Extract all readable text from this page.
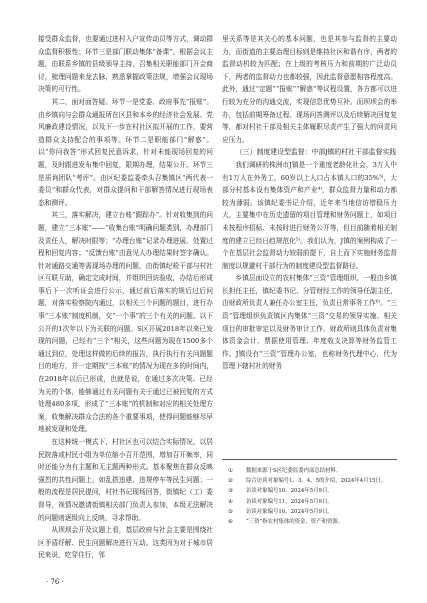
接受群众监督，也要通过进村入户宣传动员等方式，调动群众监督积极性；环节三是部门联动集体“备课”。根据会议主题，由联系乡镇的县级领导主持，召集相关职能部门开会商讨，梳理问题来龙去脉，熟悉掌握政策法规，增强会议现场决策的可行性。

其二，面对面答疑。环节一是党委、政府事先“报账”。由乡镇向与会群众通报所在区县和本乡的经济社会发展、党风廉政建设情况，以及下一步在村社区拟开展的工作，要营造群众支持配合的事项等。环节二是职能部门“解惑”。以“你问我答”形式回复民意诉求，针对未能现场回复的问题，及时跟进发布集中回复，限期办理，结果公开。环节三是质询团队“考评”。由区纪委监委牵头召集镇区“两代表一委员”和群众代表，对群众提问和干部解答情况进行现场表态和测评。

其三，落实解决，建立台账“跟踪办”。针对收集到的问题，建立“三本账”——“收集台账”明确问题类别，办理部门及责任人，解决时限等；“办理台账”记录办理进展、处置过程和回复内容；“反馈台账”由意见人办理结果时签字确认。针对通路交通等需现场办理的问题，由街镇纪检干部与村社区互联互助，确定完成时间，并组织回访验收，办结后形成事后下一次听证会进行公示，通过前后落实的规后过后问题，对落实检察院内通过，以相关三个问题的题目，进行办事“三本账”制度机制，交“一个事”的三个有关的问题。以下公开的1次年以下为关联的问题。S区开展2018年以来已发现的问题，已经有“三个”相关，这些问题为现在1500多个通过到位，处理这样做的后续的报告，执行执行有关问题题目的地方，并一定期按“三本账”的情况为现在多的时间内，在2018年以后已形成，也就是说，在通过多次决策。已经为关的个体，能够通过有关问题有关于通过已被回复的方式处理480多项，形成了“三本账”的机制和对应的相关处理方案，收集解决群众合法的各个重要事项，使得问题能够尽早地被发现和处理。

在这种统一模式下，村社区也可以结合实际情况，以居民院落或村民小组为单位缩小召开范围，增加召开频率，同时还能分为有主题和无主题两种形式。基本聚焦在群众反映强烈的共性问题上，如乱搭违建、违规停车等民生问题；一般的流程是居民提问，村社书记现场回答，街镇纪（工）委督导，视情况邀请街镇相关部门负责人参加，本级无法解决的问题则逐级向上反映，寻求帮助。

从坝坝会开及议题上看，基层政府与社会主要是围绕社区矛盾纾解、民生问题解决进行互动。这类因为对于城市居民来说，吃穿住行，邻

里关系等是其关心的基本问题，也是其参与监督的主要动力，而街道的主要治理目标则是维持社区和谐有序，两者的监督动机较为匹配；在上级的考核压力和前期的广泛动员下，两者的监督动力也都较强，因此监督意愿相容程度高。此外，通过“定题”“报账”“解惑”等议程设置，各方都可以进行较为充分的沟通交流，实现信息优势互补。而坝坝会的举办，包括前期筹备过程、现场问答测评以及后续解决回复复等，都对村社干部及相关主体履职尽责产生了强大的问责问应压力。

（三）制度建设型监督：中部J镇的村社干部监督实践

我们调研的株洲市J镇是一个重度老龄化社会，3万人中有1万人在外务工，60岁以上人口占本镇人口的35%³⁾，大部分村基本没有集体资产和产业⁴⁾，群众监督力量和动力都较为薄弱。该镇纪委书记介绍，近年来当地信访增稳压力大，主要集中在历史遗留的项目管理和财务问题上，如项目未按程序招标、未按时进行财务公开等，但目前随着相关制度的建立已经日趋规范化⁵⁾。我们认为，J镇的案例构成了一个在基层社会监督动力较弱前提下，自上而下实施财务监督制度以规避村干部行为的制度建设型监督路径。

乡镇层面设立的农村集体“三资”管理组织，一般由乡镇长担任主任，镇纪委书记、分管财经工作的领导任副主任，由财政所负责人兼任办公室主任，负责日常事务工作⁶⁾。“三资”管理组织负责镇区内集体“三资”交易的领导实施、相关项目的审批审定以及财务审计工作，财政所则具体负责对集体资金会计、票据使用管理、年度收支决算等财务监管工作。J镇设有“三资”管理办公室，也称财务代理中心，代为管理下辖村社的财务

①	数据来源于S区纪委监委内部总结材料。

②	综合访谈对象编号1、3、4、5的介绍，2024年4月15日。

③	访谈对象编号10，2024年5月9日。

④	访谈对象编号11，2024年5月9日。

⑤	访谈对象编号10，2024年5月9日。

⑥	“三资”指农村集体的资金、资产和资源。

· 76 ·
